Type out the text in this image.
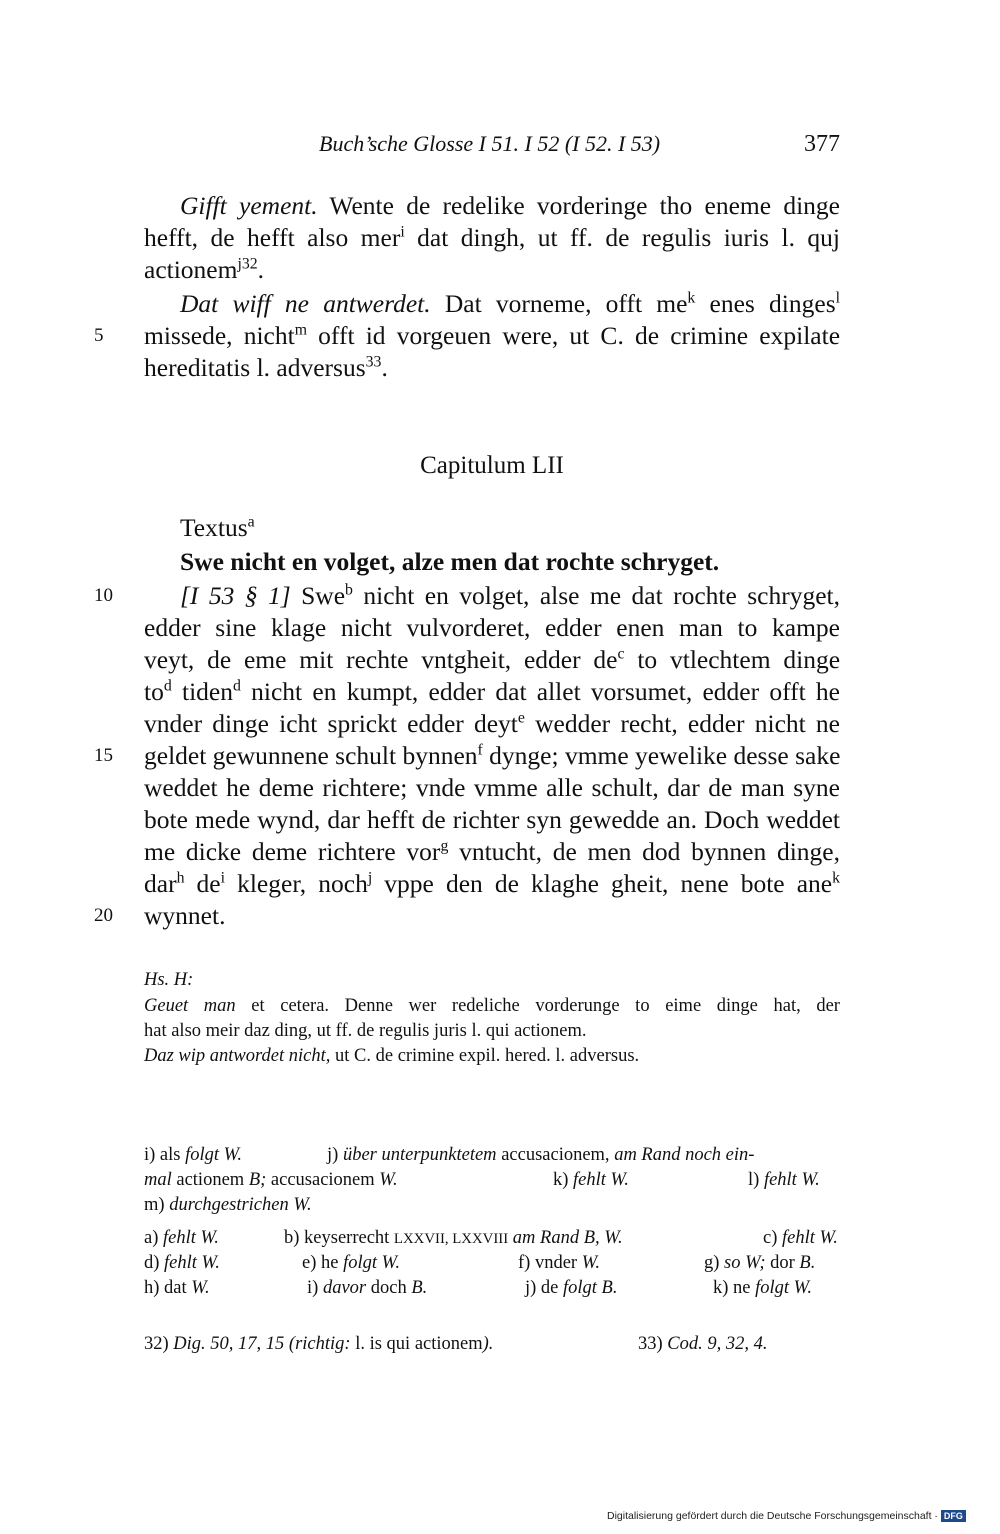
Buch’sche Glosse I 51. I 52 (I 52. I 53)	377
Gifft yement. Wente de redelike vorderinge tho eneme dinge
hefft, de hefft also mer$^i$ dat dingh, ut ff. de regulis iuris l. quj
actionem$^{j32}$.
Dat wiff ne antwerdet. Dat vorneme, offt $me^k$ enes dinges$^l$
5 missede, nicht$^m$ offt id vorgeuen were, ut C. de crimine expilate
hereditatis l. adversus$^{33}$.
Capitulum LII
Textus$^a$
Swe nicht en volget, alze men dat rochte schryget.
10	[I 53 § 1] Swe$^b$ nicht en volget, alse me dat rochte schryget,
edder sine klage nicht vulvorderet, edder enen man to kampe
veyt, de eme mit rechte vntgheit, edder $de^c$ to vtlechtem dinge
$to^d$ tiden$^d$ nicht en kumpt, edder dat allet vorsumet, edder offt he
vnder dinge icht sprickt edder deyt$^e$ wedder recht, edder nicht ne
15 geldet gewunnene schult bynnen$^f$ dynge; vmme yewelike desse sake
weddet he deme richtere; vnde vmme alle schult, dar de man syne
bote mede wynd, dar hefft de richter syn gewedde an. Doch weddet
me dicke deme richtere vor$^g$ vntucht, de men dod bynnen dinge,
dar$^h$ $de^i$ kleger, noch$^j$ vppe den de klaghe gheit, nene bote ane$^k$
20 wynnet.
Hs. H:
Geuet man et cetera. Denne wer redeliche vorderunge to eime dinge hat, der
hat also meir daz ding, ut ff. de regulis juris l. qui actionem.
Daz wip antwordet nicht, ut C. de crimine expil. hered. l. adversus.
i) als folgt W.	j) über unterpunktetem accusacionem, am Rand noch ein-
mal actionem B; accusacionem W.	k) fehlt W.	l) fehlt W.
m) durchgestrichen W.
a) fehlt W.	b) keyserrecht LXXVII, LXXVIII am Rand B, W.	c) fehlt W.
d) fehlt W.	e) he folgt W.	f) vnder W.	g) so W; dor B.
h) dat W.	i) davor doch B.	j) de folgt B.	k) ne folgt W.
32) Dig. 50, 17, 15 (richtig: l. is qui actionem).	33) Cod. 9, 32, 4.
Digitalisierung gefördert durch die Deutsche Forschungsgemeinschaft · DFG
